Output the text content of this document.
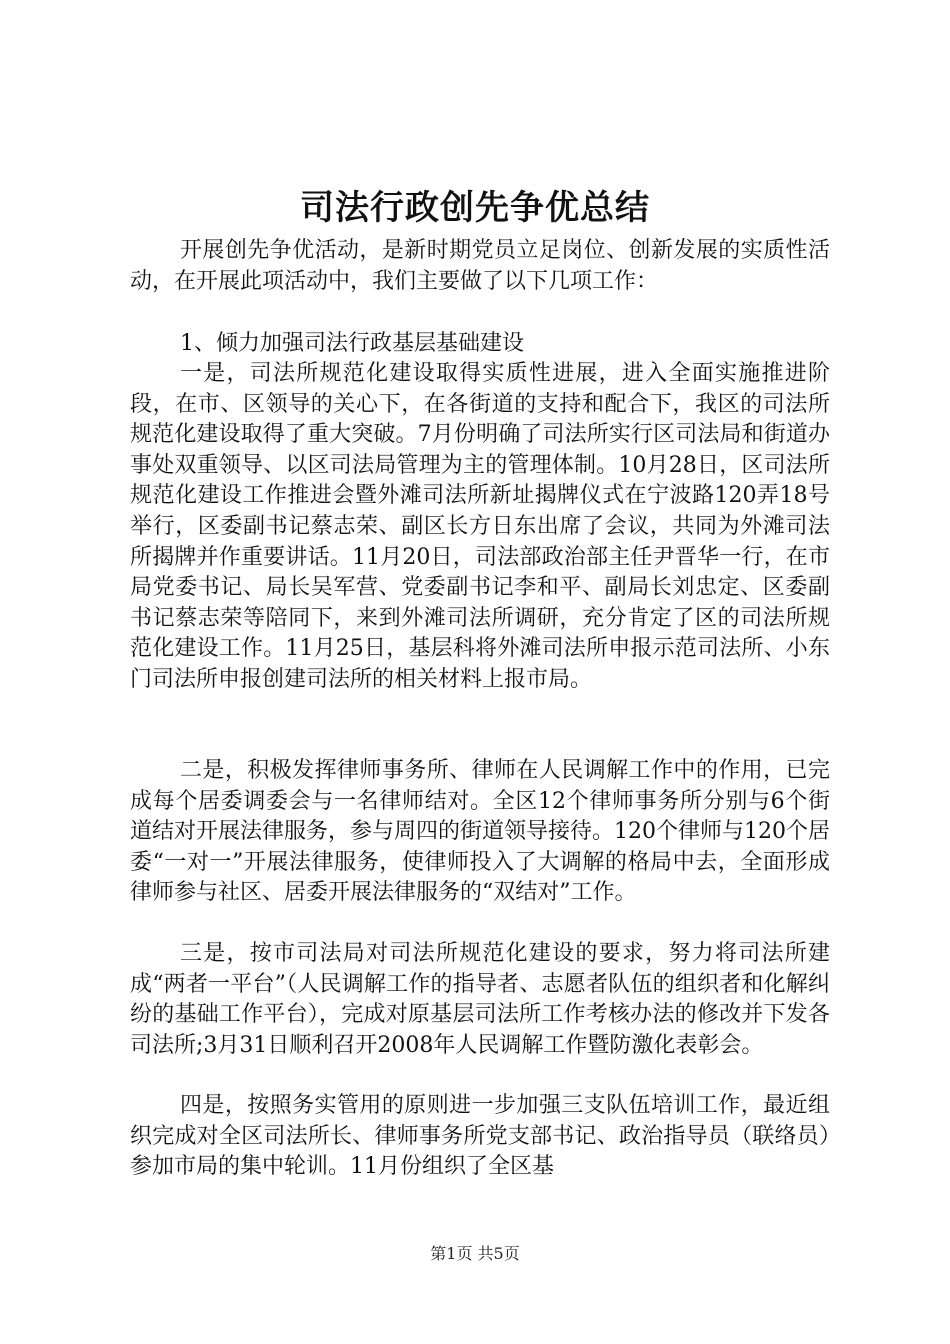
司法行政创先争优总结

开展创先争优活动，是新时期党员立足岗位、创新发展的实质性活动，在开展此项活动中，我们主要做了以下几项工作：

1、倾力加强司法行政基层基础建设

一是，司法所规范化建设取得实质性进展，进入全面实施推进阶段，在市、区领导的关心下，在各街道的支持和配合下，我区的司法所规范化建设取得了重大突破。7月份明确了司法所实行区司法局和街道办事处双重领导、以区司法局管理为主的管理体制。10月28日，区司法所规范化建设工作推进会暨外滩司法所新址揭牌仪式在宁波路120弄18号举行，区委副书记蔡志荣、副区长方日东出席了会议，共同为外滩司法所揭牌并作重要讲话。11月20日，司法部政治部主任尹晋华一行，在市局党委书记、局长吴军营、党委副书记李和平、副局长刘忠定、区委副书记蔡志荣等陪同下，来到外滩司法所调研，充分肯定了区的司法所规范化建设工作。11月25日，基层科将外滩司法所申报示范司法所、小东门司法所申报创建司法所的相关材料上报市局。

二是，积极发挥律师事务所、律师在人民调解工作中的作用，已完成每个居委调委会与一名律师结对。全区12个律师事务所分别与6个街道结对开展法律服务，参与周四的街道领导接待。120个律师与120个居委“一对一”开展法律服务，使律师投入了大调解的格局中去，全面形成律师参与社区、居委开展法律服务的“双结对”工作。

三是，按市司法局对司法所规范化建设的要求，努力将司法所建成“两者一平台”（人民调解工作的指导者、志愿者队伍的组织者和化解纠纷的基础工作平台），完成对原基层司法所工作考核办法的修改并下发各司法所;3月31日顺利召开2008年人民调解工作暨防激化表彰会。

四是，按照务实管用的原则进一步加强三支队伍培训工作，最近组织完成对全区司法所长、律师事务所党支部书记、政治指导员（联络员）参加市局的集中轮训。11月份组织了全区基

第1页 共5页
